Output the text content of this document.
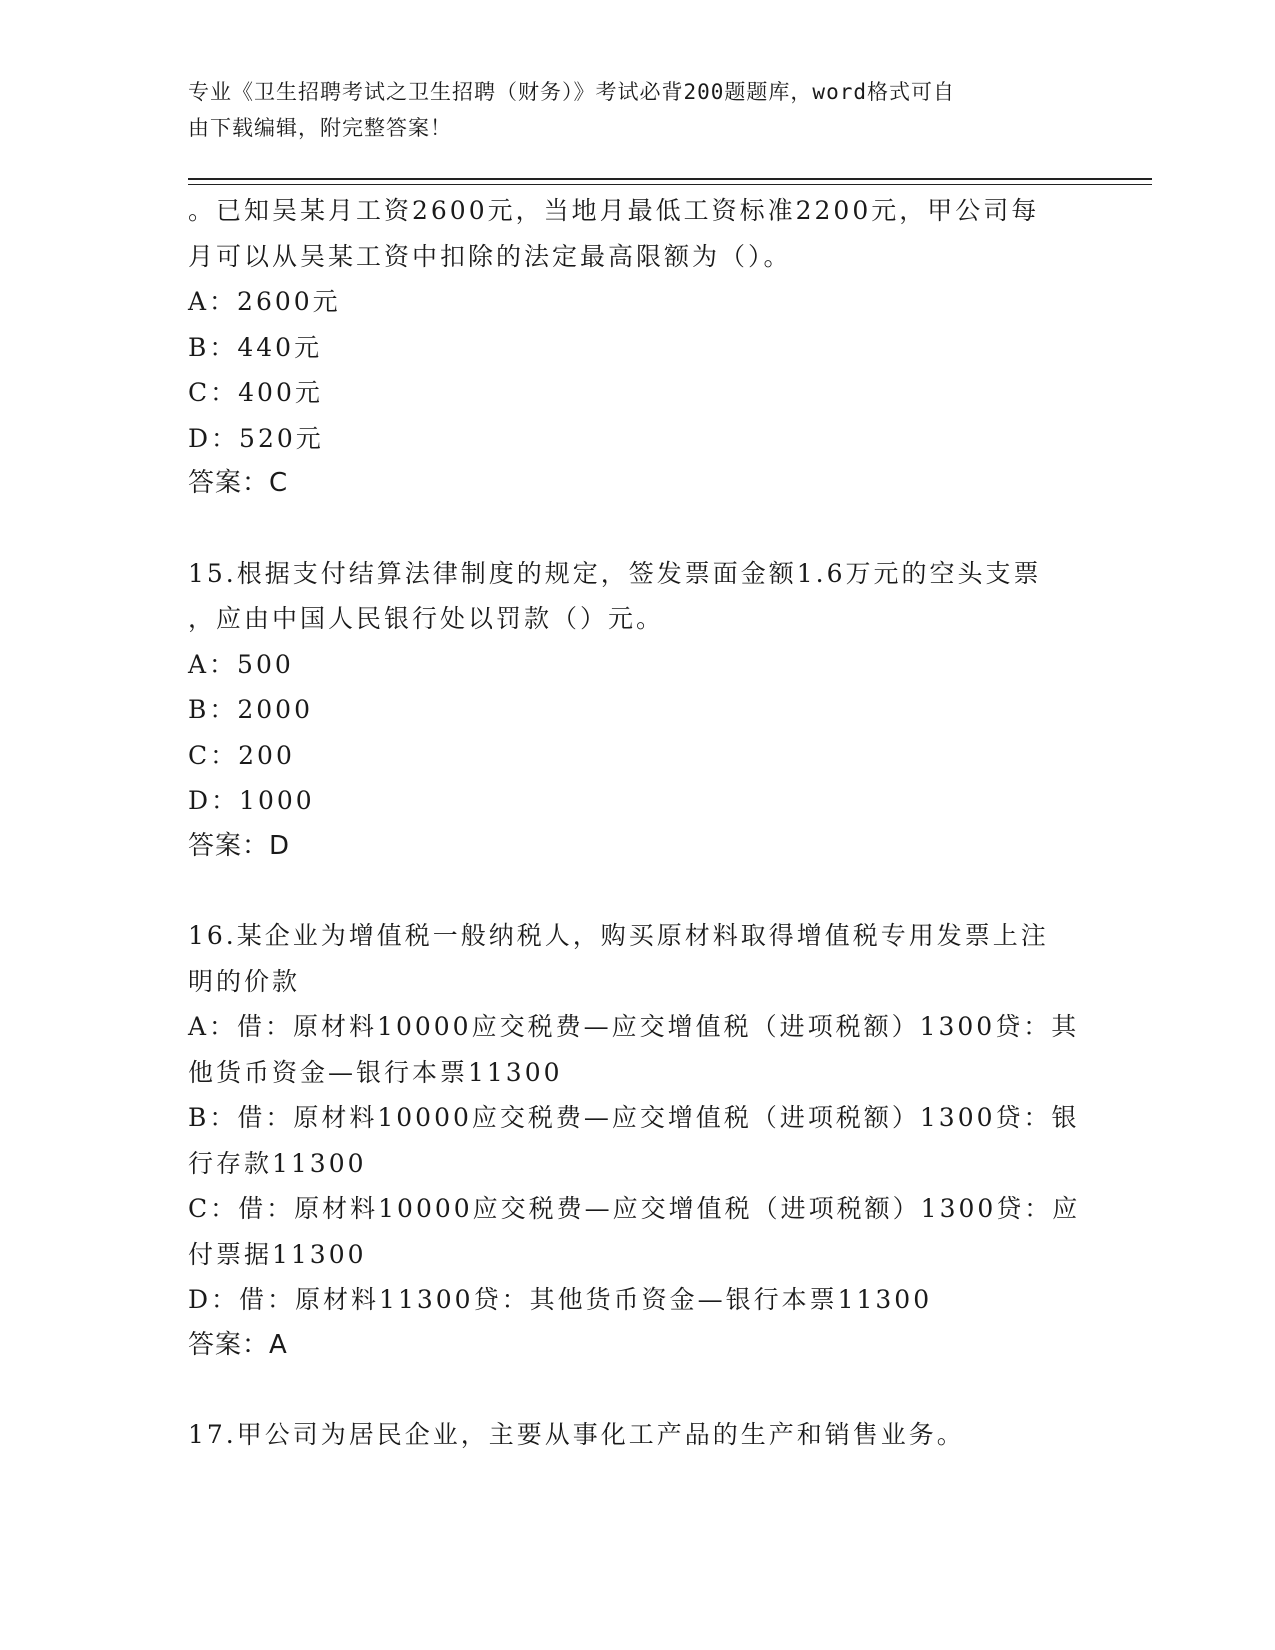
专业《卫生招聘考试之卫生招聘（财务）》考试必背200题题库，word格式可自
由下载编辑，附完整答案！
。已知吴某月工资2600元，当地月最低工资标准2200元，甲公司每
月可以从吴某工资中扣除的法定最高限额为（）。
A：2600元
B：440元
C：400元
D：520元
答案：C
15.根据支付结算法律制度的规定，签发票面金额1.6万元的空头支票
，应由中国人民银行处以罚款（）元。
A：500
B：2000
C：200
D：1000
答案：D
16.某企业为增值税一般纳税人，购买原材料取得增值税专用发票上注
明的价款
A：借：原材料10000应交税费—应交增值税（进项税额）1300贷：其
他货币资金—银行本票11300
B：借：原材料10000应交税费—应交增值税（进项税额）1300贷：银
行存款11300
C：借：原材料10000应交税费—应交增值税（进项税额）1300贷：应
付票据11300
D：借：原材料11300贷：其他货币资金—银行本票11300
答案：A
17.甲公司为居民企业，主要从事化工产品的生产和销售业务。
